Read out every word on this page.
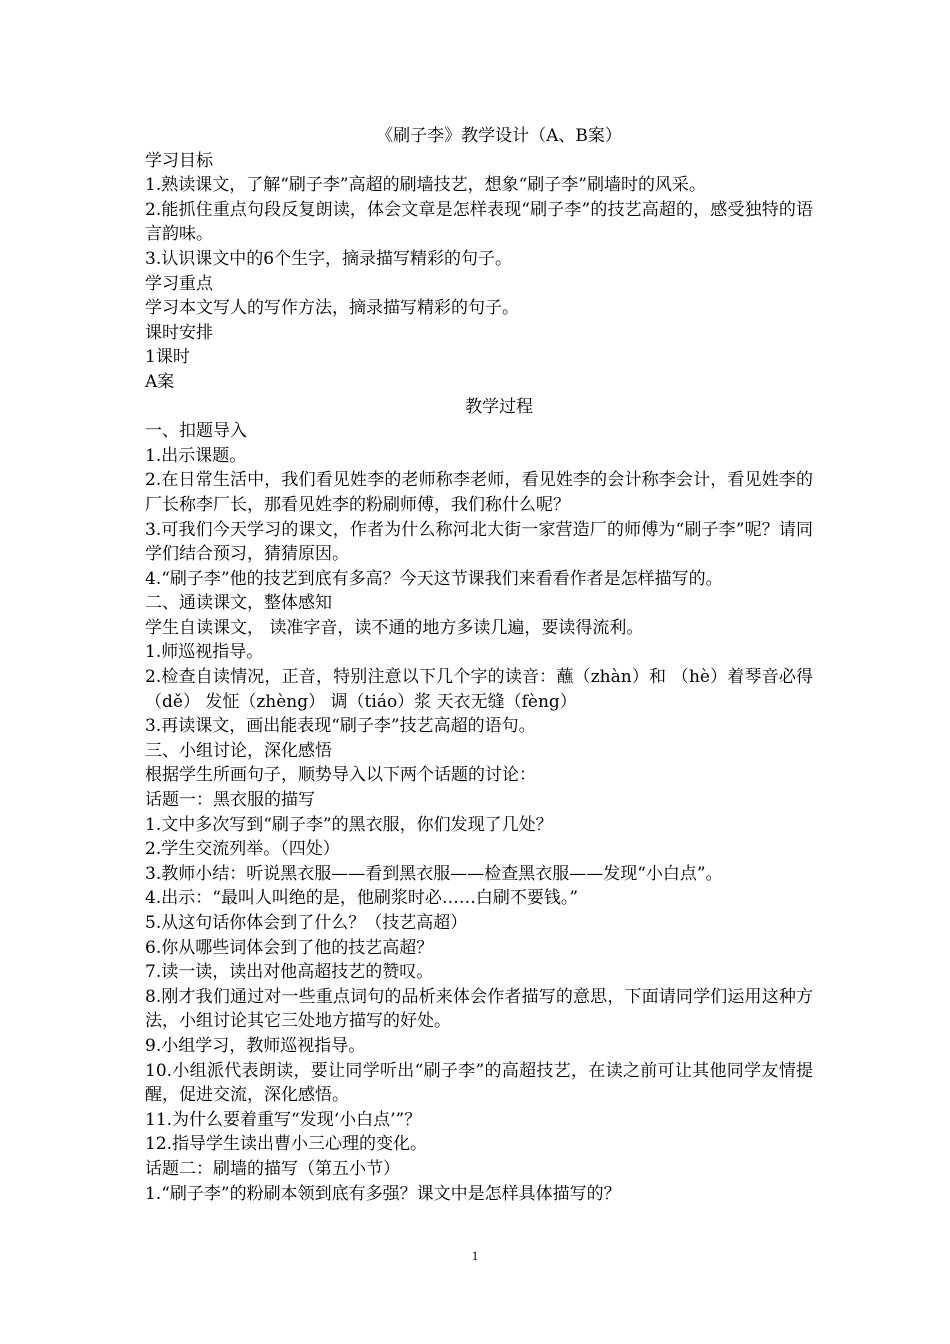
《刷子李》教学设计（A、B案）

学习目标

1.熟读课文，了解“刷子李”高超的刷墙技艺，想象“刷子李”刷墙时的风采。

2.能抓住重点句段反复朗读，体会文章是怎样表现“刷子李”的技艺高超的，感受独特的语言韵味。

3.认识课文中的6个生字，摘录描写精彩的句子。

学习重点

学习本文写人的写作方法，摘录描写精彩的句子。

课时安排

1课时

A案

教学过程

一、扣题导入

1.出示课题。

2.在日常生活中，我们看见姓李的老师称李老师，看见姓李的会计称李会计，看见姓李的厂长称李厂长，那看见姓李的粉刷师傅，我们称什么呢？

3.可我们今天学习的课文，作者为什么称河北大街一家营造厂的师傅为“刷子李”呢？请同学们结合预习，猜猜原因。

4.“刷子李”他的技艺到底有多高？今天这节课我们来看看作者是怎样描写的。

二、通读课文，整体感知

学生自读课文， 读准字音，读不通的地方多读几遍，要读得流利。

1.师巡视指导。

2.检查自读情况，正音，特别注意以下几个字的读音：蘸（zhàn）和 （hè）着琴音必得（dě） 发怔（zhèng） 调（tiáo）浆 天衣无缝（fèng）

3.再读课文，画出能表现“刷子李”技艺高超的语句。

三、小组讨论，深化感悟

根据学生所画句子，顺势导入以下两个话题的讨论：

话题一：黑衣服的描写

1.文中多次写到“刷子李”的黑衣服，你们发现了几处？

2.学生交流列举。（四处）

3.教师小结：听说黑衣服——看到黑衣服——检查黑衣服——发现“小白点”。

4.出示：“最叫人叫绝的是，他刷浆时必……白刷不要钱。”

5.从这句话你体会到了什么？（技艺高超）

6.你从哪些词体会到了他的技艺高超？

7.读一读，读出对他高超技艺的赞叹。

8.刚才我们通过对一些重点词句的品析来体会作者描写的意思，下面请同学们运用这种方法，小组讨论其它三处地方描写的好处。

9.小组学习，教师巡视指导。

10.小组派代表朗读，要让同学听出“刷子李”的高超技艺，在读之前可让其他同学友情提醒，促进交流，深化感悟。

11.为什么要着重写“发现‘小白点’”？

12.指导学生读出曹小三心理的变化。

话题二：刷墙的描写（第五小节）

1.“刷子李”的粉刷本领到底有多强？课文中是怎样具体描写的？

1
